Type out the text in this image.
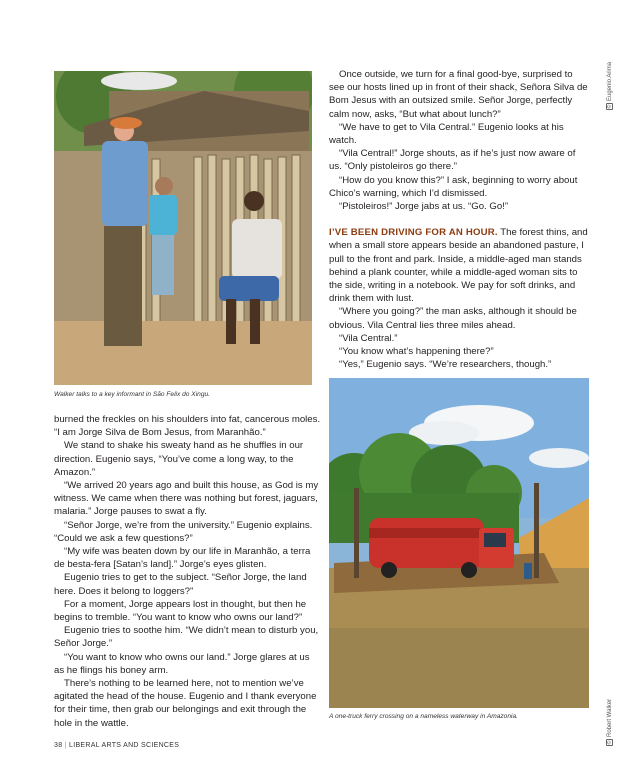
Walker talks to a key informant in São Felix do Xingu.

burned the freckles on his shoulders into fat, cancerous moles. “I am Jorge Silva de Bom Jesus, from Maranhão.”

We stand to shake his sweaty hand as he shuffles in our direction. Eugenio says, “You’ve come a long way, to the Amazon.”

“We arrived 20 years ago and built this house, as God is my witness. We came when there was nothing but forest, jaguars, malaria.” Jorge pauses to swat a fly.

“Señor Jorge, we’re from the university.” Eugenio explains. “Could we ask a few questions?”

“My wife was beaten down by our life in Maranhão, a terra de besta-fera [Satan’s land].” Jorge’s eyes glisten.

Eugenio tries to get to the subject. “Señor Jorge, the land here. Does it belong to loggers?”

For a moment, Jorge appears lost in thought, but then he begins to tremble. “You want to know who owns our land?”

Eugenio tries to soothe him. “We didn’t mean to disturb you, Señor Jorge.”

“You want to know who owns our land.” Jorge glares at us as he flings his boney arm.

There’s nothing to be learned here, not to mention we’ve agitated the head of the house. Eugenio and I thank everyone for their time, then grab our belongings and exit through the hole in the wattle.

Once outside, we turn for a final good-bye, surprised to see our hosts lined up in front of their shack, Señora Silva de Bom Jesus with an outsized smile. Señor Jorge, perfectly calm now, asks, “But what about lunch?”

“We have to get to Vila Central.” Eugenio looks at his watch.

“Vila Central!” Jorge shouts, as if he’s just now aware of us. “Only pistoleiros go there.”

“How do you know this?” I ask, beginning to worry about Chico’s warning, which I’d dismissed.

“Pistoleiros!” Jorge jabs at us. “Go. Go!”

I’VE BEEN DRIVING FOR AN HOUR. The forest thins, and when a small store appears beside an abandoned pasture, I pull to the front and park. Inside, a middle-aged man stands behind a plank counter, while a middle-aged woman sits to the side, writing in a notebook. We pay for soft drinks, and drink them with lust.

“Where you going?” the man asks, although it should be obvious. Vila Central lies three miles ahead.

“Vila Central.”

“You know what’s happening there?”

“Yes,” Eugenio says. “We’re researchers, though.”

A one-truck ferry crossing on a nameless waterway in Amazonia.
©Eugenio Arima
©Robert Walker
38 | LIBERAL ARTS AND SCIENCES
